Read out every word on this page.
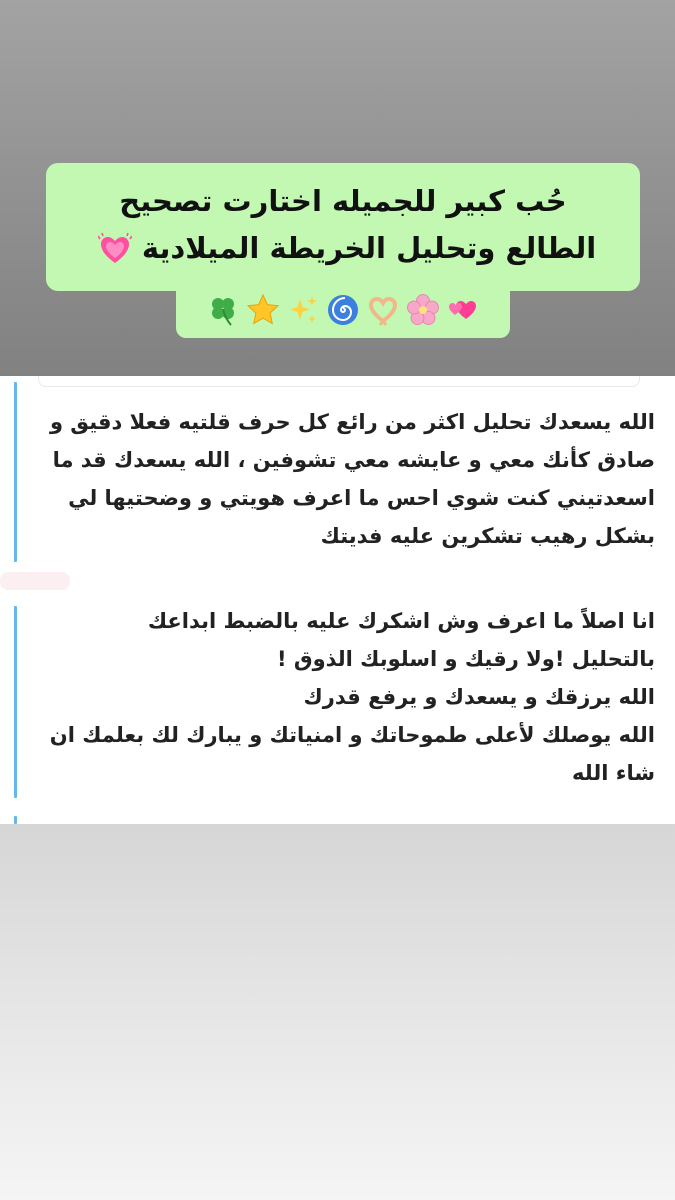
الله يسعدك تحليل اكثر من رائع كل حرف قلتيه فعلا دقيق و
صادق كأنك معي و عايشه معي تشوفين ، الله يسعدك قد ما
اسعدتيني كنت شوي احس ما اعرف هويتي و وضحتيها لي
بشكل رهيب تشكرين عليه فديتك
انا اصلاً ما اعرف وش اشكرك عليه بالضبط ابداعك
بالتحليل !ولا رقيك و اسلوبك الذوق !
الله يرزقك و يسعدك و يرفع قدرك
الله يوصلك لأعلى طموحاتك و امنياتك و يبارك لك بعلمك ان
شاء الله
حُب كبير للجميله اختارت تصحيح
الطالع وتحليل الخريطة الميلادية
